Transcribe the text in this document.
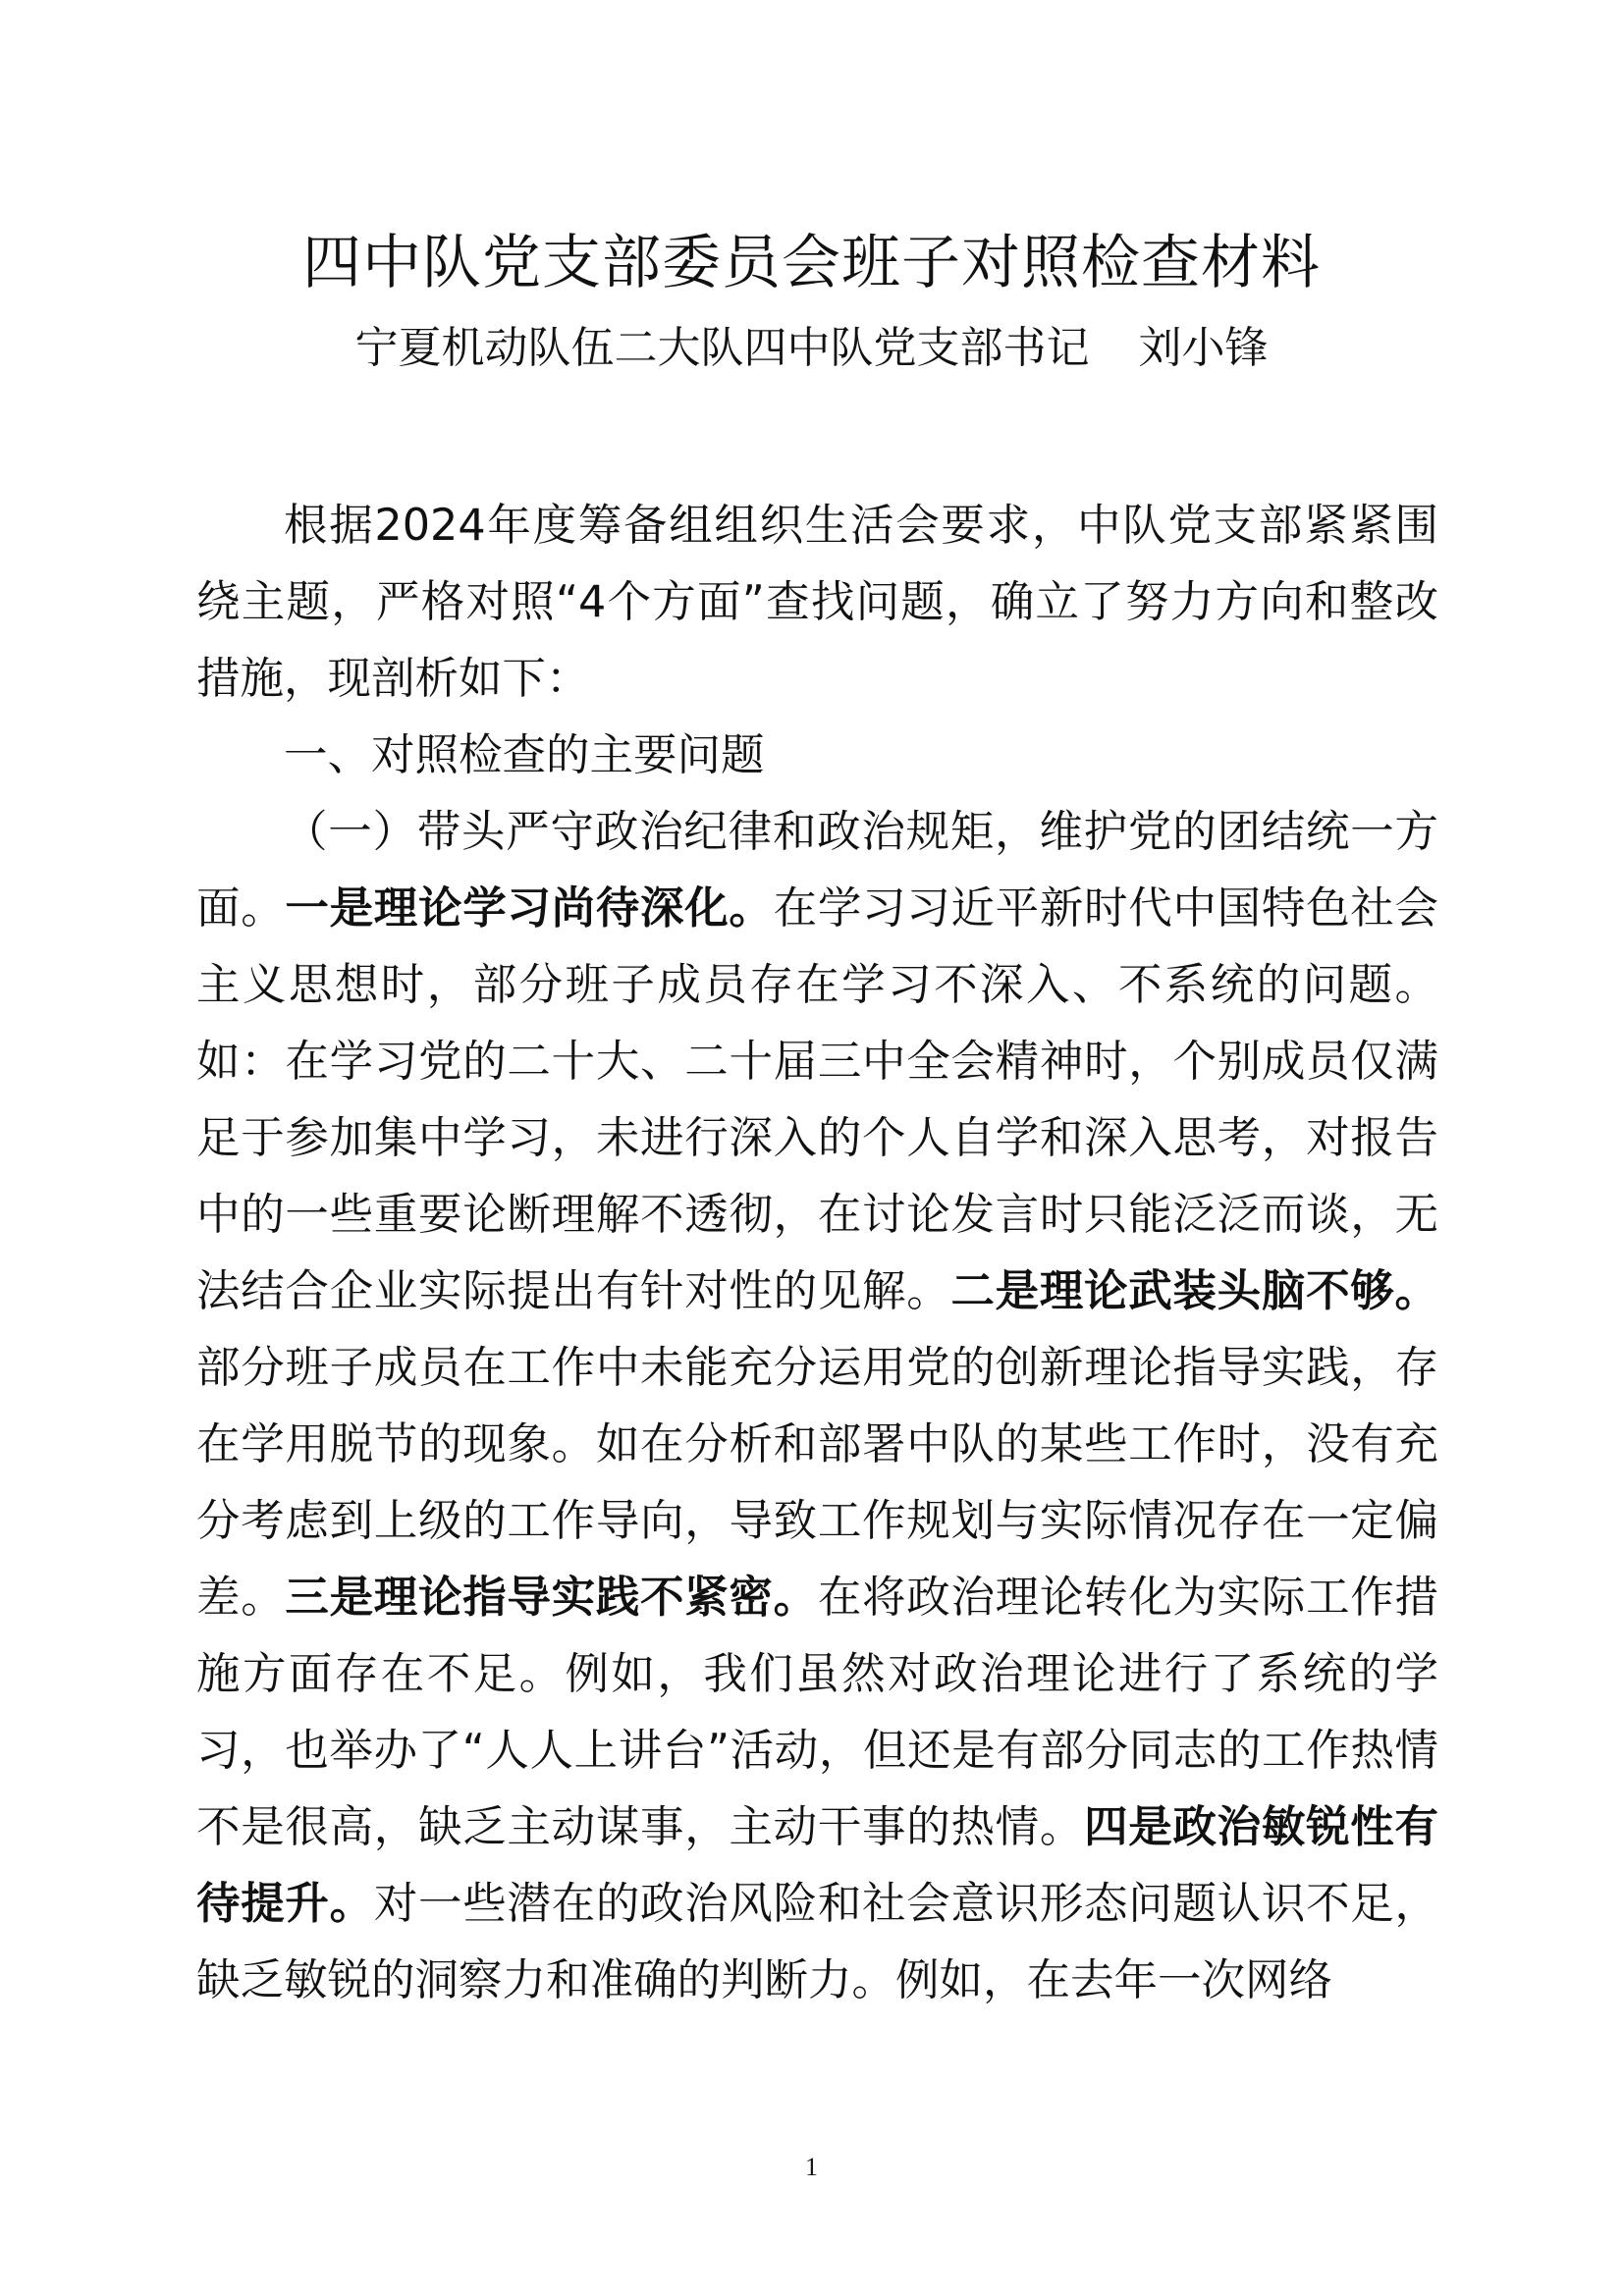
四中队党支部委员会班子对照检查材料
宁夏机动队伍二大队四中队党支部书记 刘小锋

根据2024年度筹备组组织生活会要求，中队党支部紧紧围绕主题，严格对照“4个方面”查找问题，确立了努力方向和整改措施，现剖析如下：

一、对照检查的主要问题

（一）带头严守政治纪律和政治规矩，维护党的团结统一方面。一是理论学习尚待深化。在学习习近平新时代中国特色社会主义思想时，部分班子成员存在学习不深入、不系统的问题。如：在学习党的二十大、二十届三中全会精神时，个别成员仅满足于参加集中学习，未进行深入的个人自学和深入思考，对报告中的一些重要论断理解不透彻，在讨论发言时只能泛泛而谈，无法结合企业实际提出有针对性的见解。二是理论武装头脑不够。部分班子成员在工作中未能充分运用党的创新理论指导实践，存在学用脱节的现象。如在分析和部署中队的某些工作时，没有充分考虑到上级的工作导向，导致工作规划与实际情况存在一定偏差。三是理论指导实践不紧密。在将政治理论转化为实际工作措施方面存在不足。例如，我们虽然对政治理论进行了系统的学习，也举办了“人人上讲台”活动，但还是有部分同志的工作热情不是很高，缺乏主动谋事，主动干事的热情。四是政治敏锐性有待提升。对一些潜在的政治风险和社会意识形态问题认识不足，缺乏敏锐的洞察力和准确的判断力。例如，在去年一次网络

1
